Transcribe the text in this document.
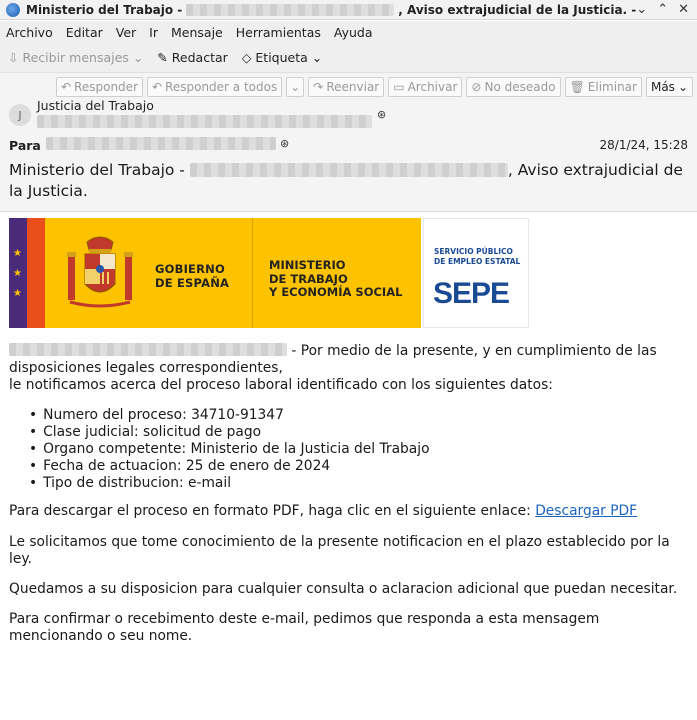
Ministerio del Trabajo -	, Aviso extrajudicial de la Justicia. - ⌄ ⌃ ✕
Archivo Editar Ver Ir Mensaje Herramientas Ayuda
⇩ Recibir mensajes ⌄ ✎ Redactar ◇ Etiqueta ⌄
↶ Responder ↶ Responder a todos ⌄ ↷ Reenviar ▭ Archivar ⊘ No deseado 🗑 Eliminar Más ⌄
J
Justicia del Trabajo
⊛
Para	⊛	28/1/24, 15:28
Ministerio del Trabajo -	, Aviso extrajudicial de la Justicia.
★
★
★
GOBIERNO
DE ESPAÑA
MINISTERIO
DE TRABAJO
Y ECONOMÍA SOCIAL
SERVICIO PÚBLICO
DE EMPLEO ESTATAL
SEPE
- Por medio de la presente, y en cumplimiento de las
disposiciones legales correspondientes,
le notificamos acerca del proceso laboral identificado con los siguientes datos:
• Numero del proceso: 34710-91347
• Clase judicial: solicitud de pago
• Organo competente: Ministerio de la Justicia del Trabajo
• Fecha de actuacion: 25 de enero de 2024
• Tipo de distribucion: e-mail
Para descargar el proceso en formato PDF, haga clic en el siguiente enlace: Descargar PDF
Le solicitamos que tome conocimiento de la presente notificacion en el plazo establecido por la
ley.
Quedamos a su disposicion para cualquier consulta o aclaracion adicional que puedan necesitar.
Para confirmar o recebimento deste e-mail, pedimos que responda a esta mensagem
mencionando o seu nome.
